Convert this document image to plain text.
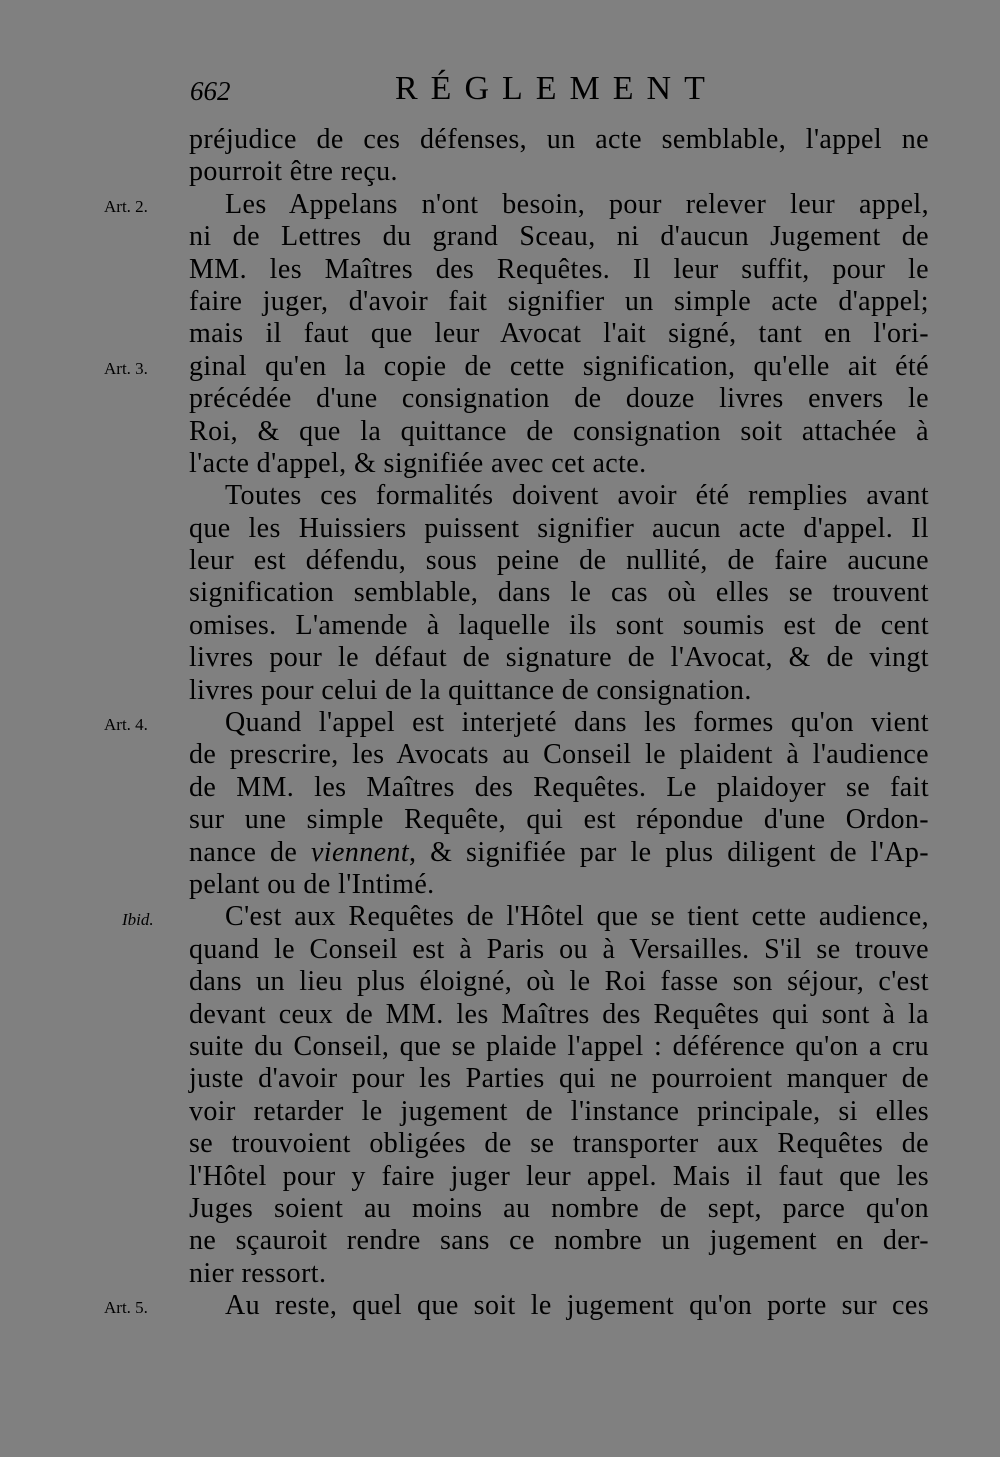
662	RÉGLEMENT
préjudice de ces défenses, un acte semblable, l'appel ne
pourroit être reçu.
Les Appelans n'ont besoin, pour relever leur appel,
ni de Lettres du grand Sceau, ni d'aucun Jugement de
MM. les Maîtres des Requêtes. Il leur suffit, pour le
faire juger, d'avoir fait signifier un simple acte d'appel;
mais il faut que leur Avocat l'ait signé, tant en l'ori-
ginal qu'en la copie de cette signification, qu'elle ait été
précédée d'une consignation de douze livres envers le
Roi, & que la quittance de consignation soit attachée à
l'acte d'appel, & signifiée avec cet acte.
Toutes ces formalités doivent avoir été remplies avant
que les Huissiers puissent signifier aucun acte d'appel. Il
leur est défendu, sous peine de nullité, de faire aucune
signification semblable, dans le cas où elles se trouvent
omises. L'amende à laquelle ils sont soumis est de cent
livres pour le défaut de signature de l'Avocat, & de vingt
livres pour celui de la quittance de consignation.
Quand l'appel est interjeté dans les formes qu'on vient
de prescrire, les Avocats au Conseil le plaident à l'audience
de MM. les Maîtres des Requêtes. Le plaidoyer se fait
sur une simple Requête, qui est répondue d'une Ordon-
nance de viennent, & signifiée par le plus diligent de l'Ap-
pelant ou de l'Intimé.
C'est aux Requêtes de l'Hôtel que se tient cette audience,
quand le Conseil est à Paris ou à Versailles. S'il se trouve
dans un lieu plus éloigné, où le Roi fasse son séjour, c'est
devant ceux de MM. les Maîtres des Requêtes qui sont à la
suite du Conseil, que se plaide l'appel : déférence qu'on a cru
juste d'avoir pour les Parties qui ne pourroient manquer de
voir retarder le jugement de l'instance principale, si elles
se trouvoient obligées de se transporter aux Requêtes de
l'Hôtel pour y faire juger leur appel. Mais il faut que les
Juges soient au moins au nombre de sept, parce qu'on
ne sçauroit rendre sans ce nombre un jugement en der-
nier ressort.
Au reste, quel que soit le jugement qu'on porte sur ces
Art. 2.
Art. 3.
Art. 4.
Ibid.
Art. 5.
